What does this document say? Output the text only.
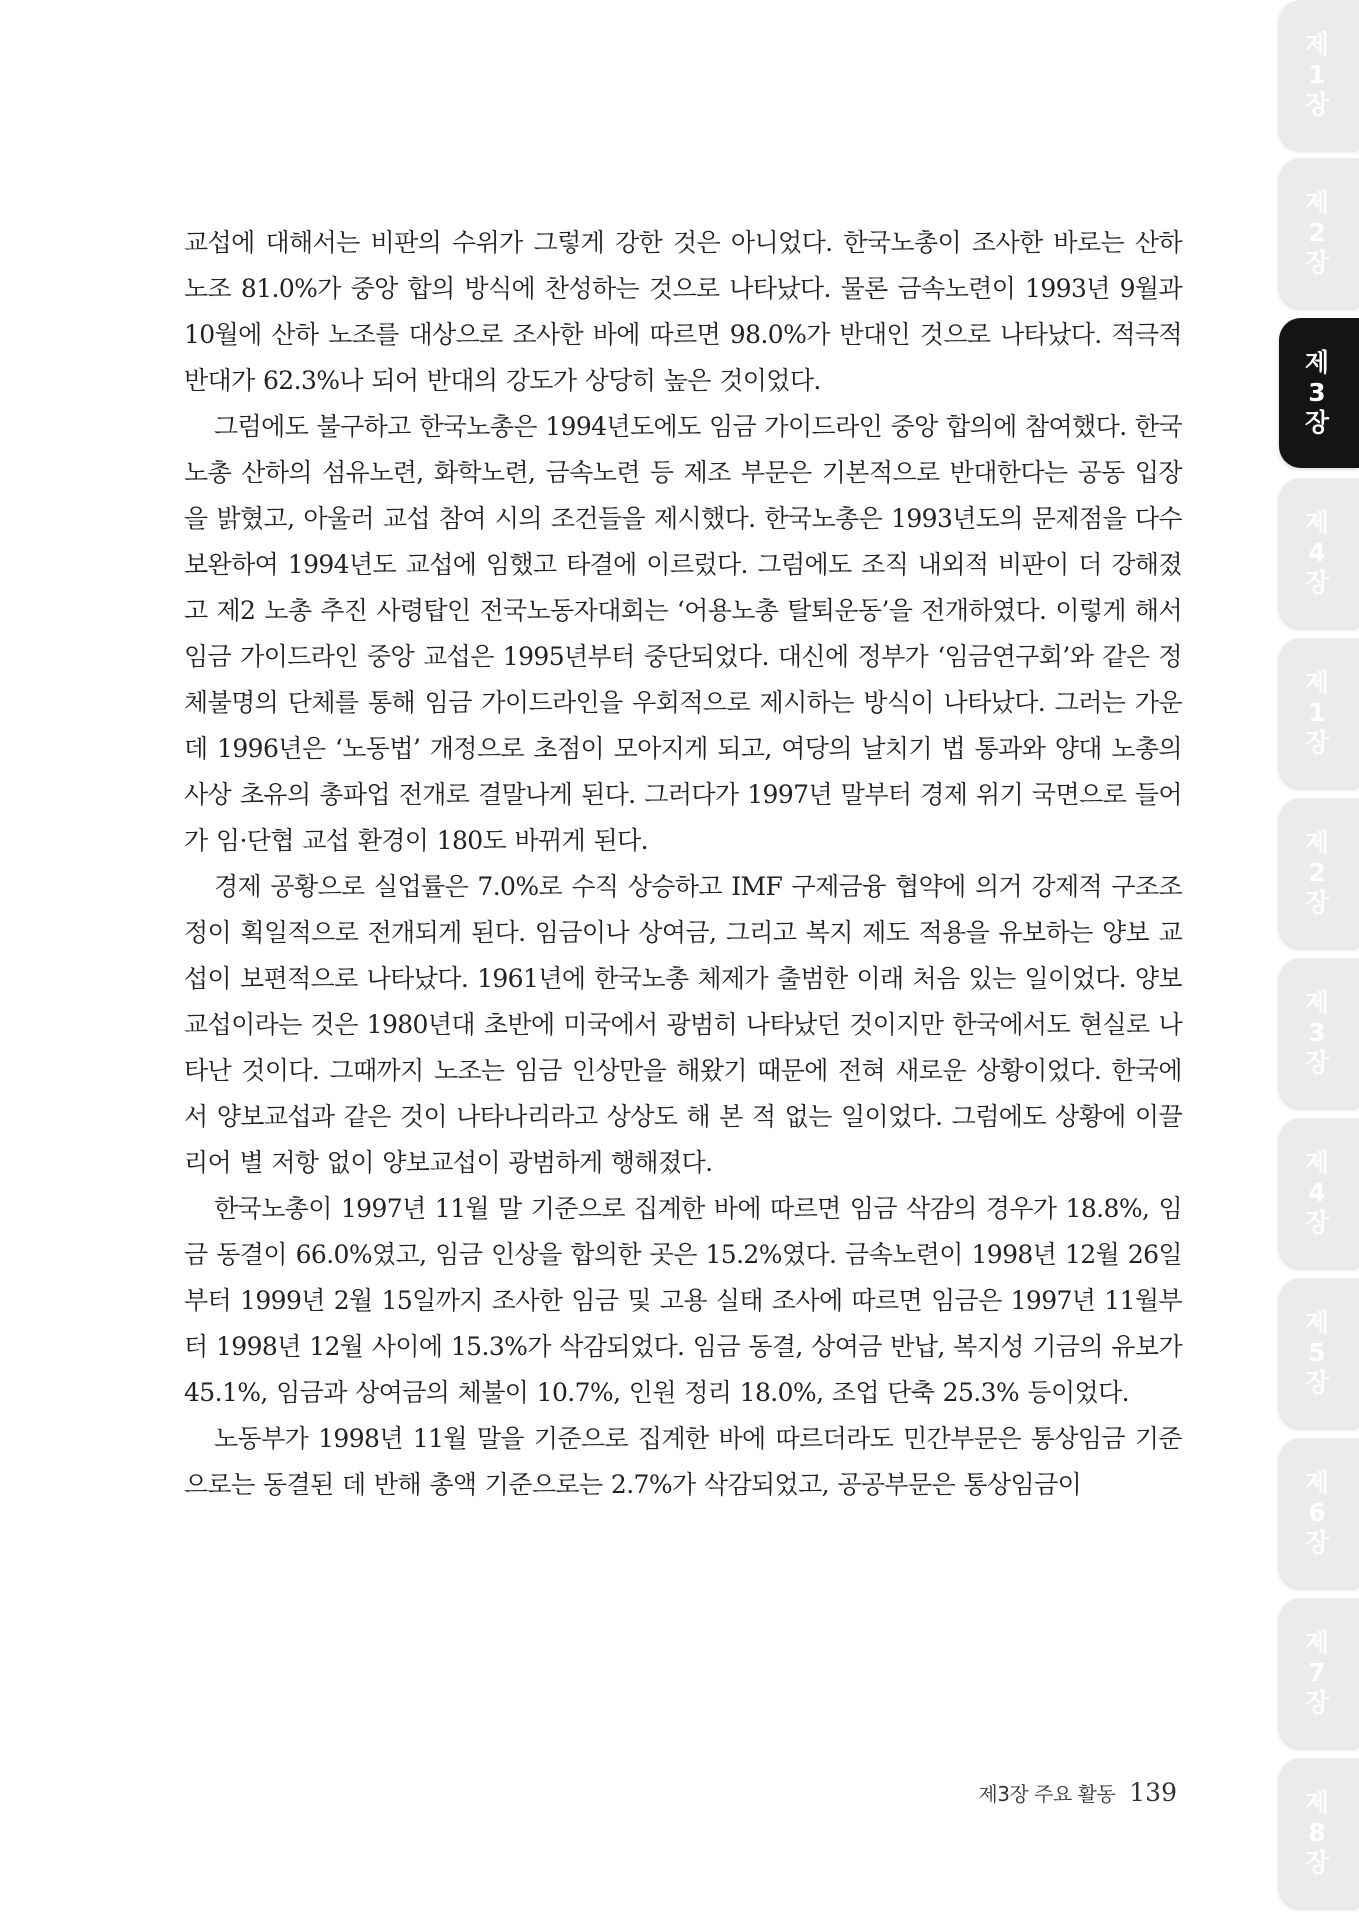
교섭에 대해서는 비판의 수위가 그렇게 강한 것은 아니었다. 한국노총이 조사한 바로는 산하 노조 81.0%가 중앙 합의 방식에 찬성하는 것으로 나타났다. 물론 금속노련이 1993년 9월과 10월에 산하 노조를 대상으로 조사한 바에 따르면 98.0%가 반대인 것으로 나타났다. 적극적 반대가 62.3%나 되어 반대의 강도가 상당히 높은 것이었다.

그럼에도 불구하고 한국노총은 1994년도에도 임금 가이드라인 중앙 합의에 참여했다. 한국노총 산하의 섬유노련, 화학노련, 금속노련 등 제조 부문은 기본적으로 반대한다는 공동 입장을 밝혔고, 아울러 교섭 참여 시의 조건들을 제시했다. 한국노총은 1993년도의 문제점을 다수 보완하여 1994년도 교섭에 임했고 타결에 이르렀다. 그럼에도 조직 내외적 비판이 더 강해졌고 제2 노총 추진 사령탑인 전국노동자대회는 ‘어용노총 탈퇴운동’을 전개하였다. 이렇게 해서 임금 가이드라인 중앙 교섭은 1995년부터 중단되었다. 대신에 정부가 ‘임금연구회’와 같은 정체불명의 단체를 통해 임금 가이드라인을 우회적으로 제시하는 방식이 나타났다. 그러는 가운데 1996년은 ‘노동법’ 개정으로 초점이 모아지게 되고, 여당의 날치기 법 통과와 양대 노총의 사상 초유의 총파업 전개로 결말나게 된다. 그러다가 1997년 말부터 경제 위기 국면으로 들어가 임·단협 교섭 환경이 180도 바뀌게 된다.

경제 공황으로 실업률은 7.0%로 수직 상승하고 IMF 구제금융 협약에 의거 강제적 구조조정이 획일적으로 전개되게 된다. 임금이나 상여금, 그리고 복지 제도 적용을 유보하는 양보 교섭이 보편적으로 나타났다. 1961년에 한국노총 체제가 출범한 이래 처음 있는 일이었다. 양보 교섭이라는 것은 1980년대 초반에 미국에서 광범히 나타났던 것이지만 한국에서도 현실로 나타난 것이다. 그때까지 노조는 임금 인상만을 해왔기 때문에 전혀 새로운 상황이었다. 한국에서 양보교섭과 같은 것이 나타나리라고 상상도 해 본 적 없는 일이었다. 그럼에도 상황에 이끌리어 별 저항 없이 양보교섭이 광범하게 행해졌다.

한국노총이 1997년 11월 말 기준으로 집계한 바에 따르면 임금 삭감의 경우가 18.8%, 임금 동결이 66.0%였고, 임금 인상을 합의한 곳은 15.2%였다. 금속노련이 1998년 12월 26일부터 1999년 2월 15일까지 조사한 임금 및 고용 실태 조사에 따르면 임금은 1997년 11월부터 1998년 12월 사이에 15.3%가 삭감되었다. 임금 동결, 상여금 반납, 복지성 기금의 유보가 45.1%, 임금과 상여금의 체불이 10.7%, 인원 정리 18.0%, 조업 단축 25.3% 등이었다.

노동부가 1998년 11월 말을 기준으로 집계한 바에 따르더라도 민간부문은 통상임금 기준으로는 동결된 데 반해 총액 기준으로는 2.7%가 삭감되었고, 공공부문은 통상임금이

제3장 주요 활동 139
제
1
장
제
2
장
제
3
장
제
4
장
제
1
장
제
2
장
제
3
장
제
4
장
제
5
장
제
6
장
제
7
장
제
8
장
